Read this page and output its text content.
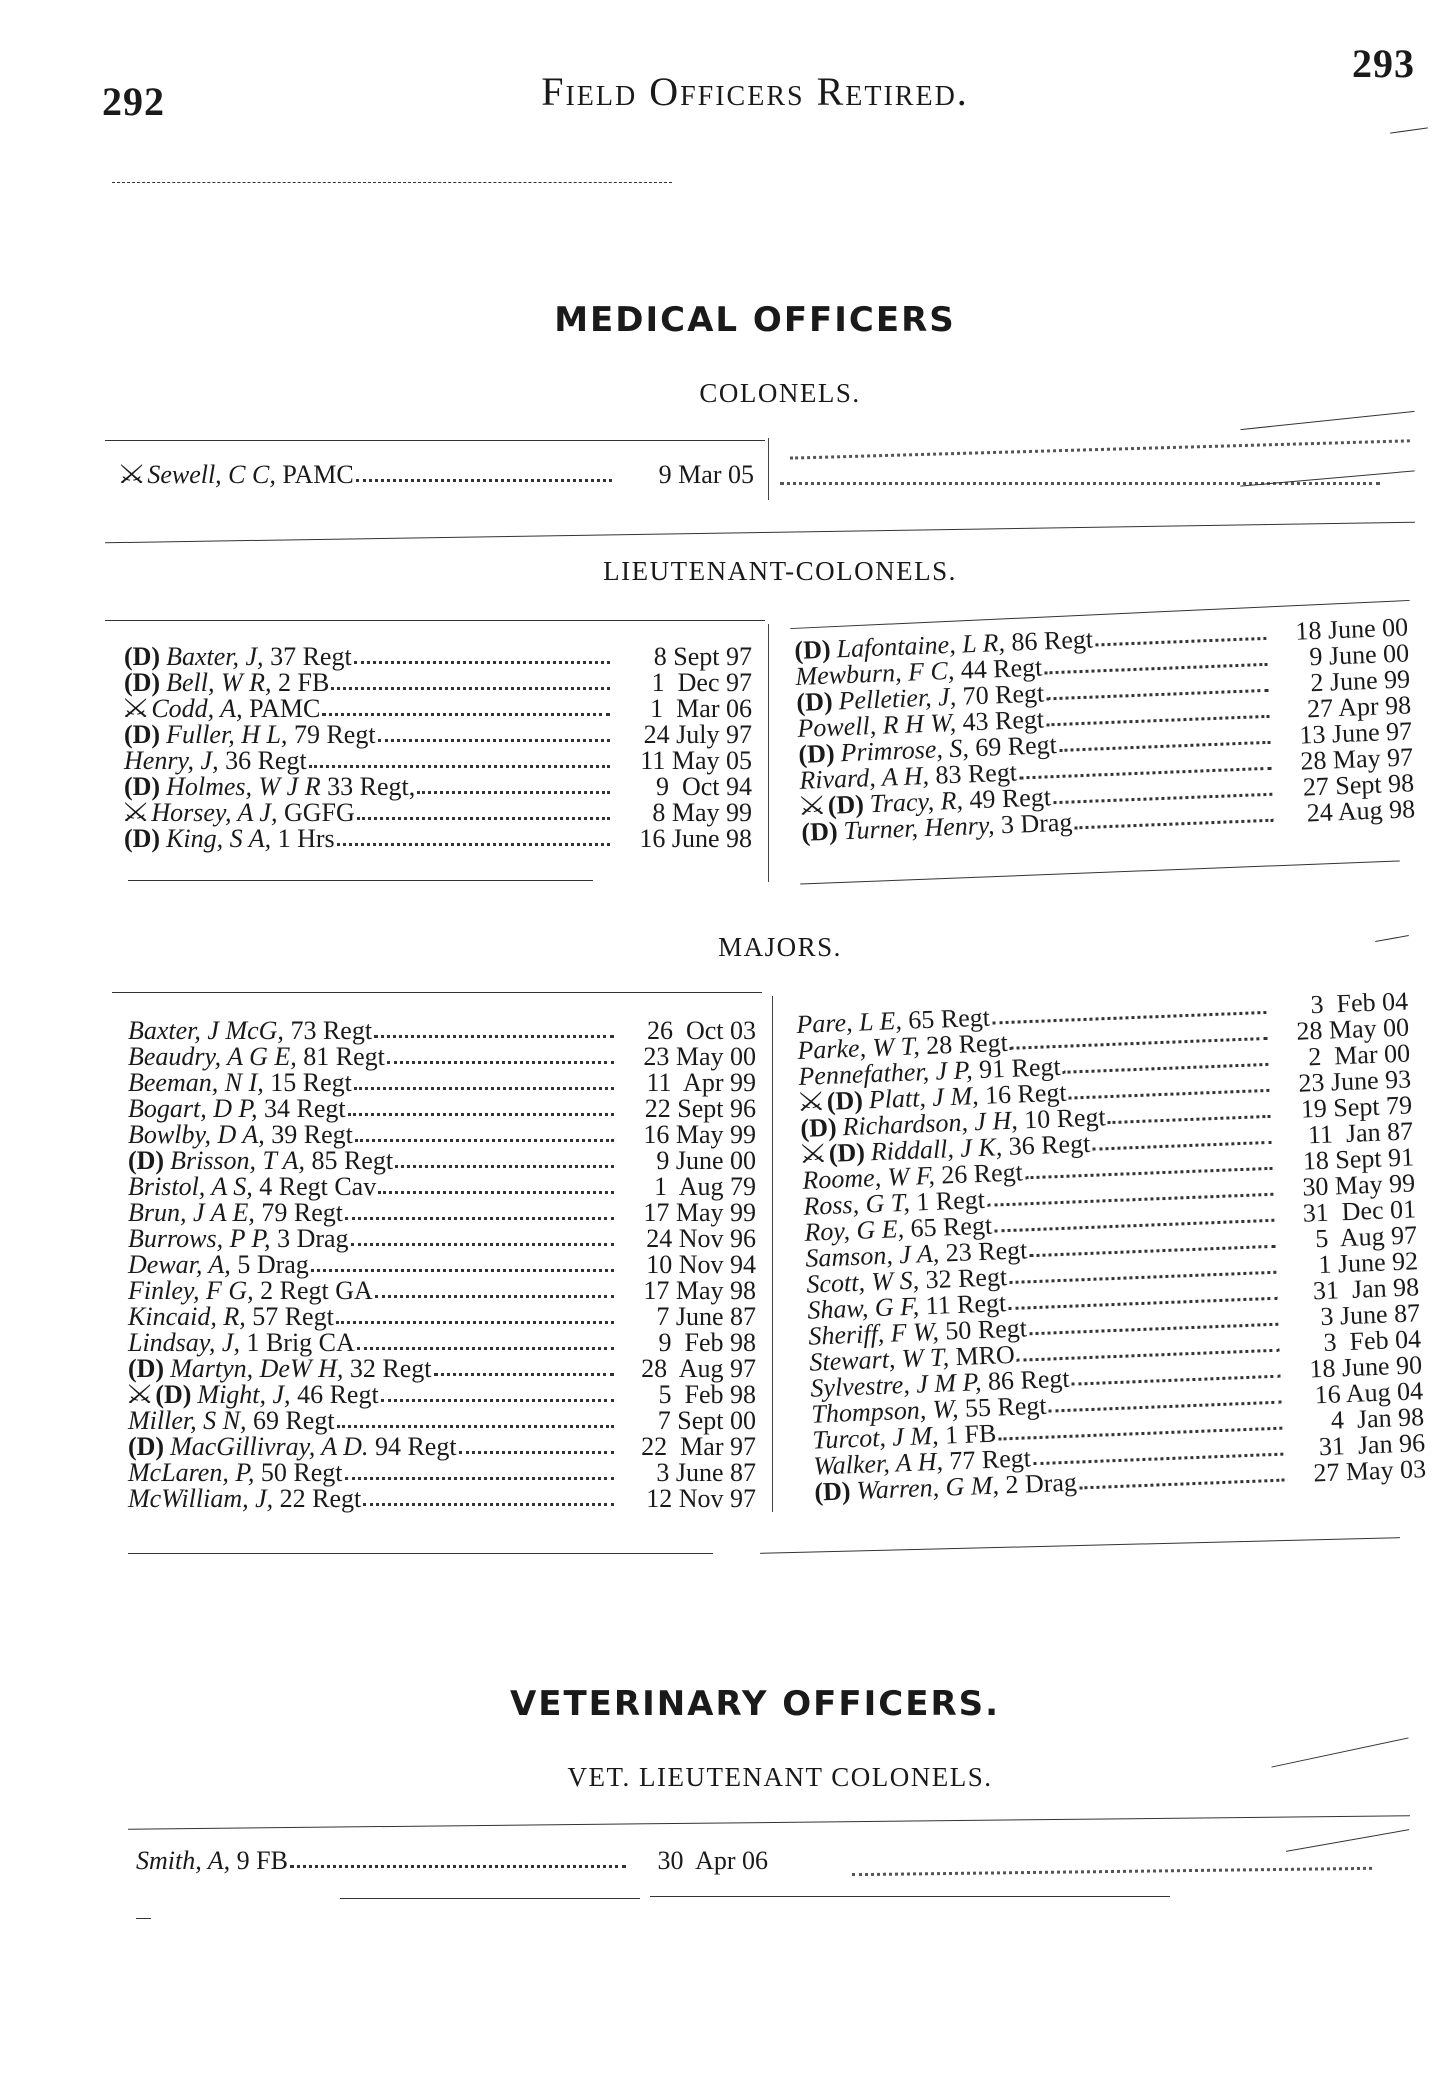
292
293
Field Officers Retired.
MEDICAL OFFICERS
COLONELS.
⚔ Sewell, C C, PAMC	9 Mar 05
LIEUTENANT-COLONELS.
(D) Baxter, J, 37 Regt	8 Sept 97
(D) Bell, W R, 2 FB	1  Dec 97
⚔ Codd, A, PAMC	1  Mar 06
(D) Fuller, H L, 79 Regt	24 July 97
Henry, J, 36 Regt	11 May 05
(D) Holmes, W J R 33 Regt,	9  Oct 94
⚔ Horsey, A J, GGFG	8 May 99
(D) King, S A, 1 Hrs	16 June 98
(D) Lafontaine, L R,
86 Regt	18 June 00
Mewburn, F C,
44 Regt	9 June 00
(D) Pelletier, J,
70 Regt	2 June 99
Powell, R H W,
43 Regt	27 Apr 98
(D) Primrose, S,
69 Regt	13 June 97
Rivard, A H,
83 Regt	28 May 97
⚔ (D) Tracy, R,
49 Regt	27 Sept 98
(D) Turner, Henry,
3 Drag	24 Aug 98
MAJORS.
Baxter, J McG, 73 Regt	26  Oct 03
Beaudry, A G E, 81 Regt	23 May 00
Beeman, N I, 15 Regt	11  Apr 99
Bogart, D P, 34 Regt	22 Sept 96
Bowlby, D A, 39 Regt	16 May 99
(D) Brisson, T A, 85 Regt	9 June 00
Bristol, A S, 4 Regt Cav	1  Aug 79
Brun, J A E, 79 Regt	17 May 99
Burrows, P P, 3 Drag	24 Nov 96
Dewar, A, 5 Drag	10 Nov 94
Finley, F G, 2 Regt GA	17 May 98
Kincaid, R, 57 Regt	7 June 87
Lindsay, J, 1 Brig CA	9  Feb 98
(D) Martyn, DeW H, 32 Regt	28  Aug 97
⚔ (D) Might, J, 46 Regt	5  Feb 98
Miller, S N, 69 Regt	7 Sept 00
(D) MacGillivray, A D. 94 Regt	22  Mar 97
McLaren, P, 50 Regt	3 June 87
McWilliam, J, 22 Regt	12 Nov 97
Pare, L E,
65 Regt	3  Feb 04
Parke, W T,
28 Regt	28 May 00
Pennefather, J P,
91 Regt	2  Mar 00
⚔ (D) Platt, J M,
16 Regt	23 June 93
(D) Richardson, J H,
10 Regt	19 Sept 79
⚔ (D) Riddall, J K,
36 Regt	11  Jan 87
Roome, W F,
26 Regt	18 Sept 91
Ross, G T,
1 Regt	30 May 99
Roy, G E,
65 Regt	31  Dec 01
Samson, J A,
23 Regt	5  Aug 97
Scott, W S,
32 Regt	1 June 92
Shaw, G F,
11 Regt	31  Jan 98
Sheriff, F W,
50 Regt	3 June 87
Stewart, W T,
MRO	3  Feb 04
Sylvestre, J M P,
86 Regt	18 June 90
Thompson, W,
55 Regt	16 Aug 04
Turcot, J M,
1 FB	4  Jan 98
Walker, A H,
77 Regt	31  Jan 96
(D) Warren, G M,
2 Drag	27 May 03
VETERINARY OFFICERS.
VET. LIEUTENANT COLONELS.
Smith, A, 9 FB	30  Apr 06
